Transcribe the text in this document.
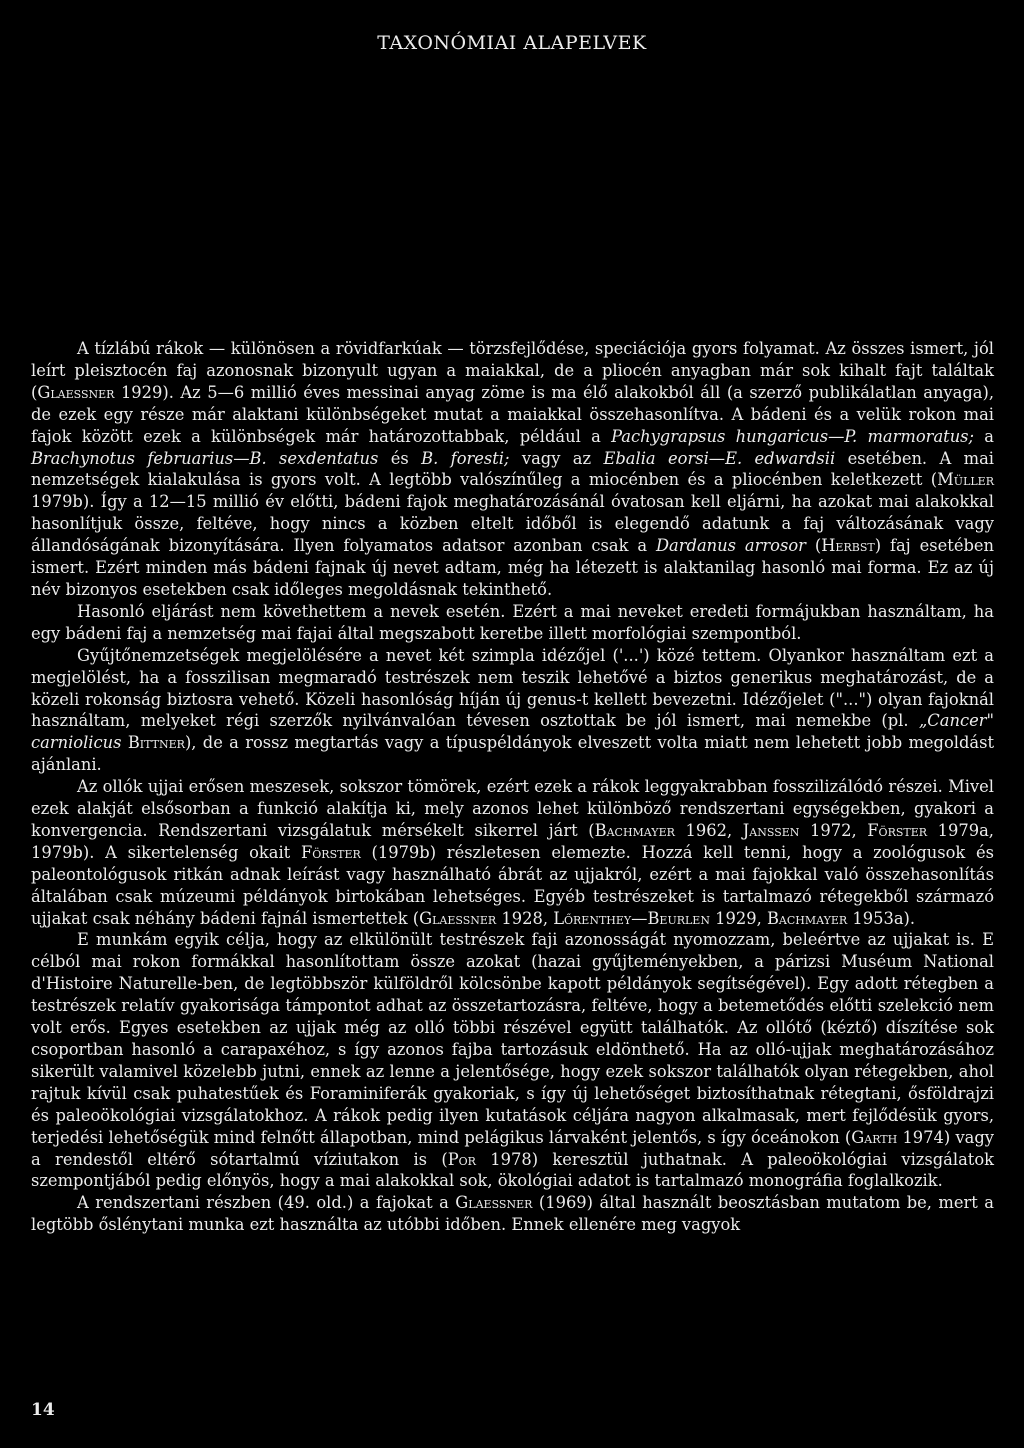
TAXONÓMIAI ALAPELVEK

A tízlábú rákok — különösen a rövidfarkúak — törzsfejlődése, speciációja gyors folyamat. Az összes ismert, jól leírt pleisztocén faj azonosnak bizonyult ugyan a maiakkal, de a pliocén anyagban már sok kihalt fajt találtak (Glaessner 1929). Az 5—6 millió éves messinai anyag zöme is ma élő alakokból áll (a szerző publikálatlan anyaga), de ezek egy része már alaktani különbségeket mutat a maiakkal összehasonlítva. A bádeni és a velük rokon mai fajok között ezek a különbségek már határozottabbak, például a Pachygrapsus hungaricus—P. marmoratus; a Brachynotus februarius—B. sexdentatus és B. foresti; vagy az Ebalia eorsi—E. edwardsii esetében. A mai nemzetségek kialakulása is gyors volt. A legtöbb valószínűleg a miocénben és a pliocénben keletkezett (Müller 1979b). Így a 12—15 millió év előtti, bádeni fajok meghatározásánál óvatosan kell eljárni, ha azokat mai alakokkal hasonlítjuk össze, feltéve, hogy nincs a közben eltelt időből is elegendő adatunk a faj változásának vagy állandóságának bizonyítására. Ilyen folyamatos adatsor azonban csak a Dardanus arrosor (Herbst) faj esetében ismert. Ezért minden más bádeni fajnak új nevet adtam, még ha létezett is alaktanilag hasonló mai forma. Ez az új név bizonyos esetekben csak időleges megoldásnak tekinthető.

Hasonló eljárást nem követhettem a nevek esetén. Ezért a mai neveket eredeti formájukban használtam, ha egy bádeni faj a nemzetség mai fajai által megszabott keretbe illett morfológiai szempontból.

Gyűjtőnemzetségek megjelölésére a nevet két szimpla idézőjel ('...') közé tettem. Olyankor használtam ezt a megjelölést, ha a fosszilisan megmaradó testrészek nem teszik lehetővé a biztos generikus meghatározást, de a közeli rokonság biztosra vehető. Közeli hasonlóság híján új genus-t kellett bevezetni. Idézőjelet ("...") olyan fajoknál használtam, melyeket régi szerzők nyilvánvalóan tévesen osztottak be jól ismert, mai nemekbe (pl. „Cancer" carniolicus Bittner), de a rossz megtartás vagy a típuspéldányok elveszett volta miatt nem lehetett jobb megoldást ajánlani.

Az ollók ujjai erősen meszesek, sokszor tömörek, ezért ezek a rákok leggyakrabban fosszilizálódó részei. Mivel ezek alakját elsősorban a funkció alakítja ki, mely azonos lehet különböző rendszertani egységekben, gyakori a konvergencia. Rendszertani vizsgálatuk mérsékelt sikerrel járt (Bachmayer 1962, Janssen 1972, Förster 1979a, 1979b). A sikertelenség okait Förster (1979b) részletesen elemezte. Hozzá kell tenni, hogy a zoológusok és paleontológusok ritkán adnak leírást vagy használható ábrát az ujjakról, ezért a mai fajokkal való összehasonlítás általában csak múzeumi példányok birtokában lehetséges. Egyéb testrészeket is tartalmazó rétegekből származó ujjakat csak néhány bádeni fajnál ismertettek (Glaessner 1928, Lőrenthey—Beurlen 1929, Bachmayer 1953a).

E munkám egyik célja, hogy az elkülönült testrészek faji azonosságát nyomozzam, beleértve az ujjakat is. E célból mai rokon formákkal hasonlítottam össze azokat (hazai gyűjteményekben, a párizsi Muséum National d'Histoire Naturelle-ben, de legtöbbször külföldről kölcsönbe kapott példányok segítségével). Egy adott rétegben a testrészek relatív gyakorisága támpontot adhat az összetartozásra, feltéve, hogy a betemetődés előtti szelekció nem volt erős. Egyes esetekben az ujjak még az olló többi részével együtt találhatók. Az ollótő (kéztő) díszítése sok csoportban hasonló a carapaxéhoz, s így azonos fajba tartozásuk eldönthető. Ha az olló-ujjak meghatározásához sikerült valamivel közelebb jutni, ennek az lenne a jelentősége, hogy ezek sokszor találhatók olyan rétegekben, ahol rajtuk kívül csak puhatestűek és Foraminiferák gyakoriak, s így új lehetőséget biztosíthatnak rétegtani, ősföldrajzi és paleoökológiai vizsgálatokhoz. A rákok pedig ilyen kutatások céljára nagyon alkalmasak, mert fejlődésük gyors, terjedési lehetőségük mind felnőtt állapotban, mind pelágikus lárvaként jelentős, s így óceánokon (Garth 1974) vagy a rendestől eltérő sótartalmú víziutakon is (Por 1978) keresztül juthatnak. A paleoökológiai vizsgálatok szempontjából pedig előnyös, hogy a mai alakokkal sok, ökológiai adatot is tartalmazó monográfia foglalkozik.

A rendszertani részben (49. old.) a fajokat a Glaessner (1969) által használt beosztásban mutatom be, mert a legtöbb őslénytani munka ezt használta az utóbbi időben. Ennek ellenére meg vagyok

14
